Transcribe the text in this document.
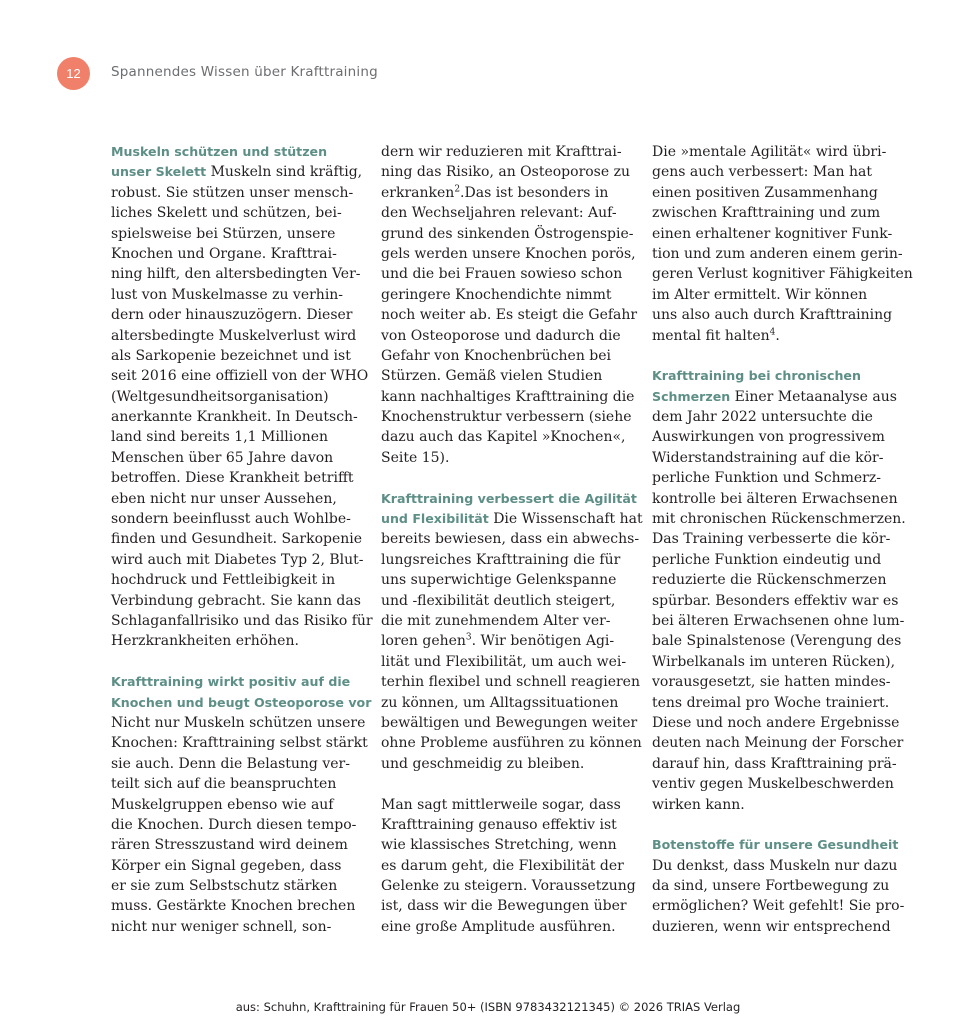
12 Spannendes Wissen über Krafttraining
Muskeln schützen und stützen
unser Skelett Muskeln sind kräftig,
robust. Sie stützen unser mensch-
liches Skelett und schützen, bei-
spielsweise bei Stürzen, unsere
Knochen und Organe. Krafttrai-
ning hilft, den altersbedingten Ver-
lust von Muskelmasse zu verhin-
dern oder hinauszuzögern. Dieser
altersbedingte Muskelverlust wird
als Sarkopenie bezeichnet und ist
seit 2016 eine offiziell von der WHO
(Weltgesundheitsorganisation)
anerkannte Krankheit. In Deutsch-
land sind bereits 1,1 Millionen
Menschen über 65 Jahre davon
betroffen. Diese Krankheit betrifft
eben nicht nur unser Aussehen,
sondern beeinflusst auch Wohlbe-
finden und Gesundheit. Sarkopenie
wird auch mit Diabetes Typ 2, Blut-
hochdruck und Fettleibigkeit in
Verbindung gebracht. Sie kann das
Schlaganfallrisiko und das Risiko für
Herzkrankheiten erhöhen.
Krafttraining wirkt positiv auf die
Knochen und beugt Osteoporose vor
Nicht nur Muskeln schützen unsere
Knochen: Krafttraining selbst stärkt
sie auch. Denn die Belastung ver-
teilt sich auf die beanspruchten
Muskelgruppen ebenso wie auf
die Knochen. Durch diesen tempo-
rären Stresszustand wird deinem
Körper ein Signal gegeben, dass
er sie zum Selbstschutz stärken
muss. Gestärkte Knochen brechen
nicht nur weniger schnell, son-
dern wir reduzieren mit Krafttrai-
ning das Risiko, an Osteoporose zu
erkranken$^2$.Das ist besonders in
den Wechseljahren relevant: Auf-
grund des sinkenden Östrogenspie-
gels werden unsere Knochen porös,
und die bei Frauen sowieso schon
geringere Knochendichte nimmt
noch weiter ab. Es steigt die Gefahr
von Osteoporose und dadurch die
Gefahr von Knochenbrüchen bei
Stürzen. Gemäß vielen Studien
kann nachhaltiges Krafttraining die
Knochenstruktur verbessern (siehe
dazu auch das Kapitel »Knochen«,
Seite 15).
Krafttraining verbessert die Agilität
und Flexibilität Die Wissenschaft hat
bereits bewiesen, dass ein abwechs-
lungsreiches Krafttraining die für
uns superwichtige Gelenkspanne
und -flexibilität deutlich steigert,
die mit zunehmendem Alter ver-
loren gehen$^3$. Wir benötigen Agi-
lität und Flexibilität, um auch wei-
terhin flexibel und schnell reagieren
zu können, um Alltagssituationen
bewältigen und Bewegungen weiter
ohne Probleme ausführen zu können
und geschmeidig zu bleiben.
Man sagt mittlerweile sogar, dass
Krafttraining genauso effektiv ist
wie klassisches Stretching, wenn
es darum geht, die Flexibilität der
Gelenke zu steigern. Voraussetzung
ist, dass wir die Bewegungen über
eine große Amplitude ausführen.
Die »mentale Agilität« wird übri-
gens auch verbessert: Man hat
einen positiven Zusammenhang
zwischen Krafttraining und zum
einen erhaltener kognitiver Funk-
tion und zum anderen einem gerin-
geren Verlust kognitiver Fähigkeiten
im Alter ermittelt. Wir können
uns also auch durch Krafttraining
mental fit halten$^4$.
Krafttraining bei chronischen
Schmerzen Einer Metaanalyse aus
dem Jahr 2022 untersuchte die
Auswirkungen von progressivem
Widerstandstraining auf die kör-
perliche Funktion und Schmerz-
kontrolle bei älteren Erwachsenen
mit chronischen Rückenschmerzen.
Das Training verbesserte die kör-
perliche Funktion eindeutig und
reduzierte die Rückenschmerzen
spürbar. Besonders effektiv war es
bei älteren Erwachsenen ohne lum-
bale Spinalstenose (Verengung des
Wirbelkanals im unteren Rücken),
vorausgesetzt, sie hatten mindes-
tens dreimal pro Woche trainiert.
Diese und noch andere Ergebnisse
deuten nach Meinung der Forscher
darauf hin, dass Krafttraining prä-
ventiv gegen Muskelbeschwerden
wirken kann.
Botenstoffe für unsere Gesundheit
Du denkst, dass Muskeln nur dazu
da sind, unsere Fortbewegung zu
ermöglichen? Weit gefehlt! Sie pro-
duzieren, wenn wir entsprechend
aus: Schuhn, Krafttraining für Frauen 50+ (ISBN 9783432121345) © 2026 TRIAS Verlag
